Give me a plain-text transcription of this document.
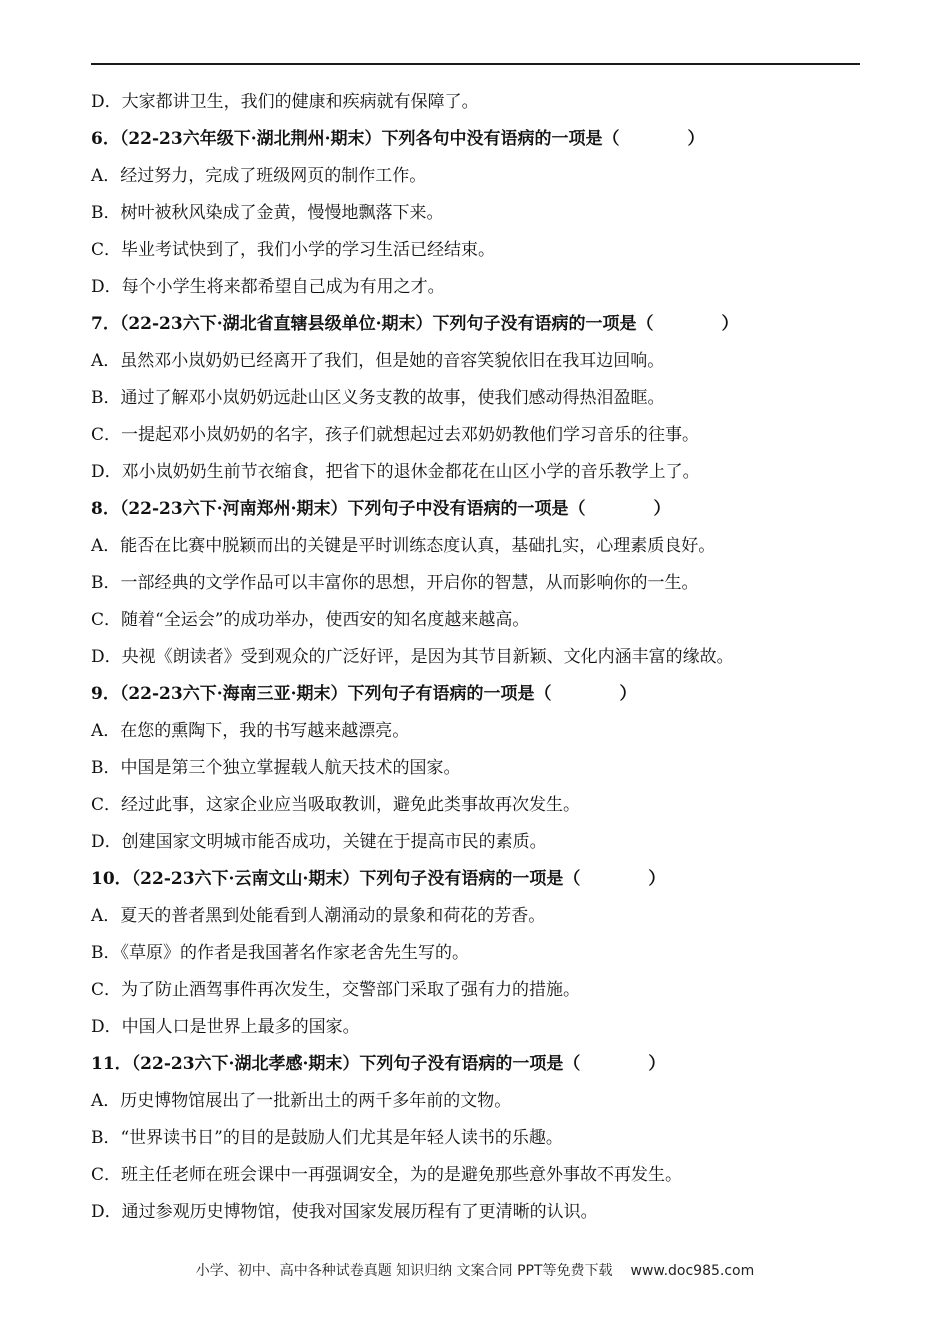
D．大家都讲卫生，我们的健康和疾病就有保障了。
6．（22-23六年级下·湖北荆州·期末）下列各句中没有语病的一项是（　　　　）
A．经过努力，完成了班级网页的制作工作。
B．树叶被秋风染成了金黄，慢慢地飘落下来。
C．毕业考试快到了，我们小学的学习生活已经结束。
D．每个小学生将来都希望自己成为有用之才。
7．（22-23六下·湖北省直辖县级单位·期末）下列句子没有语病的一项是（　　　　）
A．虽然邓小岚奶奶已经离开了我们，但是她的音容笑貌依旧在我耳边回响。
B．通过了解邓小岚奶奶远赴山区义务支教的故事，使我们感动得热泪盈眶。
C．一提起邓小岚奶奶的名字，孩子们就想起过去邓奶奶教他们学习音乐的往事。
D．邓小岚奶奶生前节衣缩食，把省下的退休金都花在山区小学的音乐教学上了。
8．（22-23六下·河南郑州·期末）下列句子中没有语病的一项是（　　　　）
A．能否在比赛中脱颖而出的关键是平时训练态度认真，基础扎实，心理素质良好。
B．一部经典的文学作品可以丰富你的思想，开启你的智慧，从而影响你的一生。
C．随着“全运会”的成功举办，使西安的知名度越来越高。
D．央视《朗读者》受到观众的广泛好评，是因为其节目新颖、文化内涵丰富的缘故。
9．（22-23六下·海南三亚·期末）下列句子有语病的一项是（　　　　）
A．在您的熏陶下，我的书写越来越漂亮。
B．中国是第三个独立掌握载人航天技术的国家。
C．经过此事，这家企业应当吸取教训，避免此类事故再次发生。
D．创建国家文明城市能否成功，关键在于提高市民的素质。
10．（22-23六下·云南文山·期末）下列句子没有语病的一项是（　　　　）
A．夏天的普者黑到处能看到人潮涌动的景象和荷花的芳香。
B．《草原》的作者是我国著名作家老舍先生写的。
C．为了防止酒驾事件再次发生，交警部门采取了强有力的措施。
D．中国人口是世界上最多的国家。
11．（22-23六下·湖北孝感·期末）下列句子没有语病的一项是（　　　　）
A．历史博物馆展出了一批新出土的两千多年前的文物。
B．“世界读书日”的目的是鼓励人们尤其是年轻人读书的乐趣。
C．班主任老师在班会课中一再强调安全，为的是避免那些意外事故不再发生。
D．通过参观历史博物馆，使我对国家发展历程有了更清晰的认识。
小学、初中、高中各种试卷真题 知识归纳 文案合同 PPT等免费下载 www.doc985.com
